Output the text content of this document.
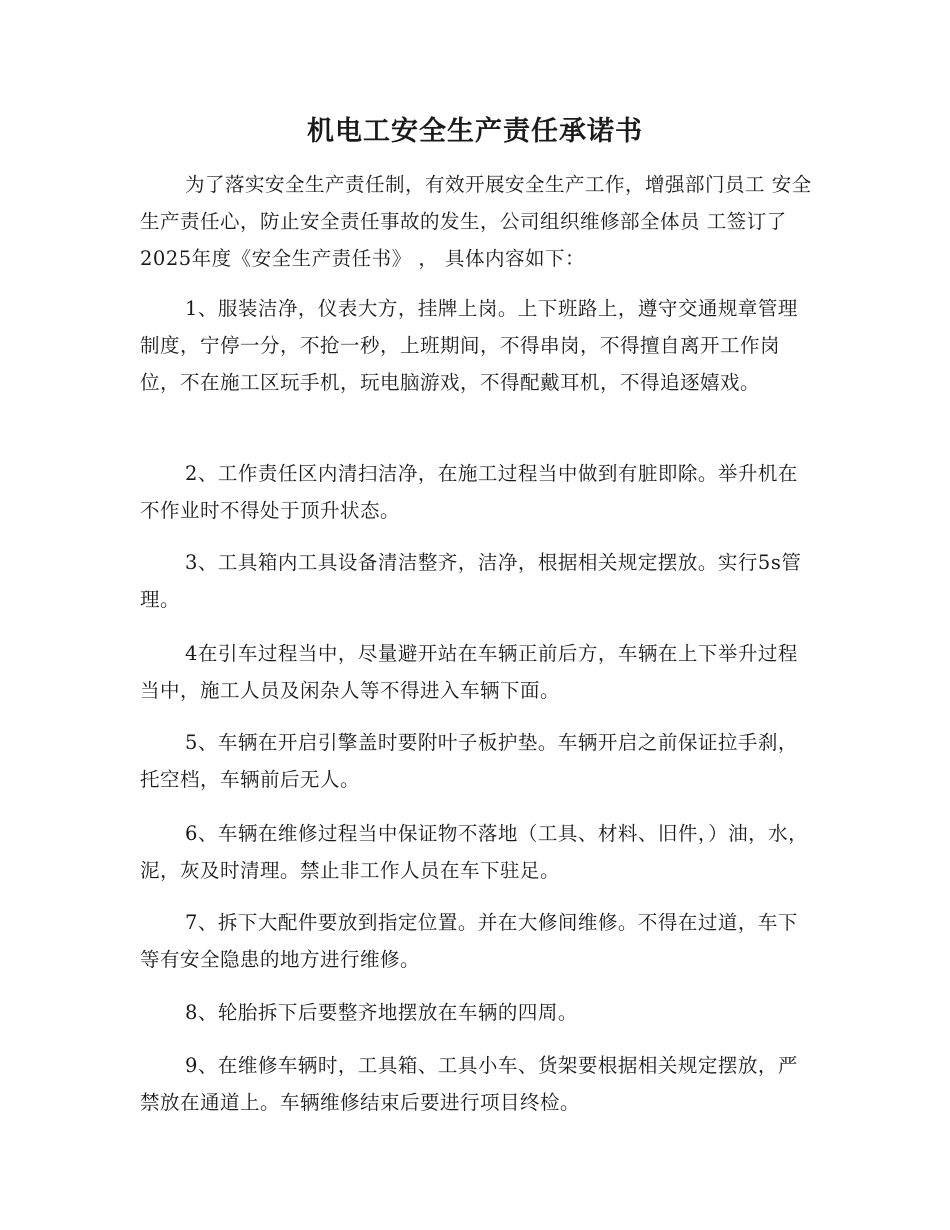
机电工安全生产责任承诺书

为了落实安全生产责任制，有效开展安全生产工作，增强部门员工 安全生产责任心，防止安全责任事故的发生，公司组织维修部全体员 工签订了2025年度《安全生产责任书》 ， 具体内容如下：

1、服装洁净，仪表大方，挂牌上岗。上下班路上，遵守交通规章管理制度，宁停一分，不抢一秒，上班期间，不得串岗，不得擅自离开工作岗位，不在施工区玩手机，玩电脑游戏，不得配戴耳机，不得追逐嬉戏。

2、工作责任区内清扫洁净，在施工过程当中做到有脏即除。举升机在不作业时不得处于顶升状态。

3、工具箱内工具设备清洁整齐，洁净，根据相关规定摆放。实行5s管理。

4在引车过程当中，尽量避开站在车辆正前后方，车辆在上下举升过程当中，施工人员及闲杂人等不得进入车辆下面。

5、车辆在开启引擎盖时要附叶子板护垫。车辆开启之前保证拉手刹，托空档，车辆前后无人。

6、车辆在维修过程当中保证物不落地（工具、材料、旧件，）油，水，泥，灰及时清理。禁止非工作人员在车下驻足。

7、拆下大配件要放到指定位置。并在大修间维修。不得在过道，车下等有安全隐患的地方进行维修。

8、轮胎拆下后要整齐地摆放在车辆的四周。

9、在维修车辆时，工具箱、工具小车、货架要根据相关规定摆放，严禁放在通道上。车辆维修结束后要进行项目终检。
